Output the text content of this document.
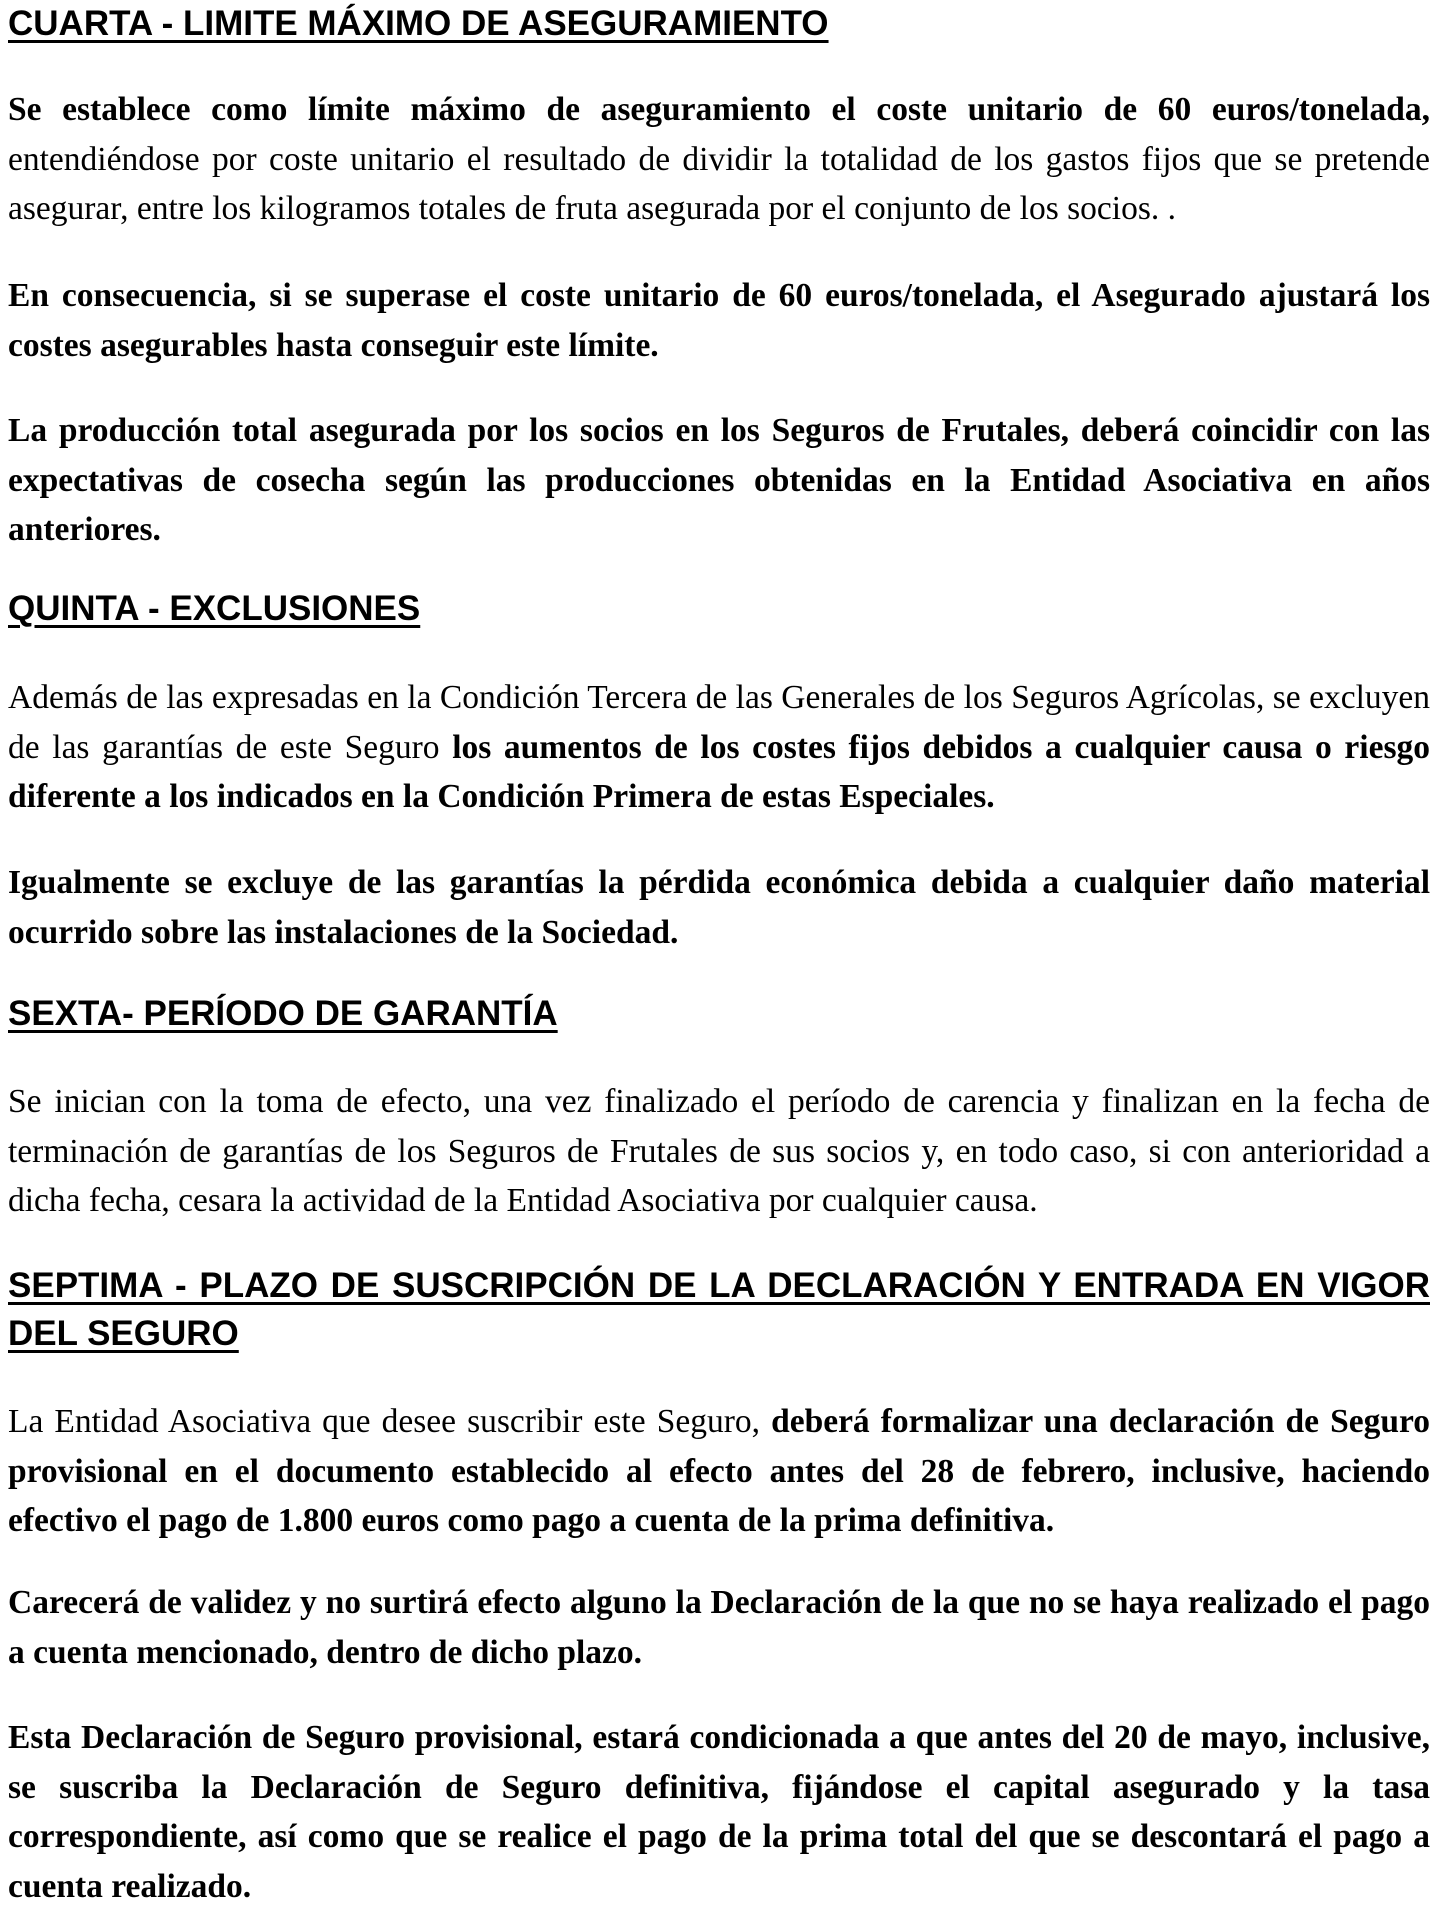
CUARTA - LIMITE MÁXIMO DE ASEGURAMIENTO

Se establece como límite máximo de aseguramiento el coste unitario de 60 euros/tonelada, entendiéndose por coste unitario el resultado de dividir la totalidad de los gastos fijos que se pretende asegurar, entre los kilogramos totales de fruta asegurada por el conjunto de los socios. .

En consecuencia, si se superase el coste unitario de 60 euros/tonelada, el Asegurado ajustará los costes asegurables hasta conseguir este límite.

La producción total asegurada por los socios en los Seguros de Frutales, deberá coincidir con las expectativas de cosecha según las producciones obtenidas en la Entidad Asociativa en años anteriores.

QUINTA - EXCLUSIONES

Además de las expresadas en la Condición Tercera de las Generales de los Seguros Agrícolas, se excluyen de las garantías de este Seguro los aumentos de los costes fijos debidos a cualquier causa o riesgo diferente a los indicados en la Condición Primera de estas Especiales.

Igualmente se excluye de las garantías la pérdida económica debida a cualquier daño material ocurrido sobre las instalaciones de la Sociedad.

SEXTA- PERÍODO DE GARANTÍA

Se inician con la toma de efecto, una vez finalizado el período de carencia y finalizan en la fecha de terminación de garantías de los Seguros de Frutales de sus socios y, en todo caso, si con anterioridad a dicha fecha, cesara la actividad de la Entidad Asociativa por cualquier causa.

SEPTIMA - PLAZO DE SUSCRIPCIÓN DE LA DECLARACIÓN Y ENTRADA EN VIGOR DEL SEGURO

La Entidad Asociativa que desee suscribir este Seguro, deberá formalizar una declaración de Seguro provisional en el documento establecido al efecto antes del 28 de febrero, inclusive, haciendo efectivo el pago de 1.800 euros como pago a cuenta de la prima definitiva.

Carecerá de validez y no surtirá efecto alguno la Declaración de la que no se haya realizado el pago a cuenta mencionado, dentro de dicho plazo.

Esta Declaración de Seguro provisional, estará condicionada a que antes del 20 de mayo, inclusive, se suscriba la Declaración de Seguro definitiva, fijándose el capital asegurado y la tasa correspondiente, así como que se realice el pago de la prima total del que se descontará el pago a cuenta realizado.
